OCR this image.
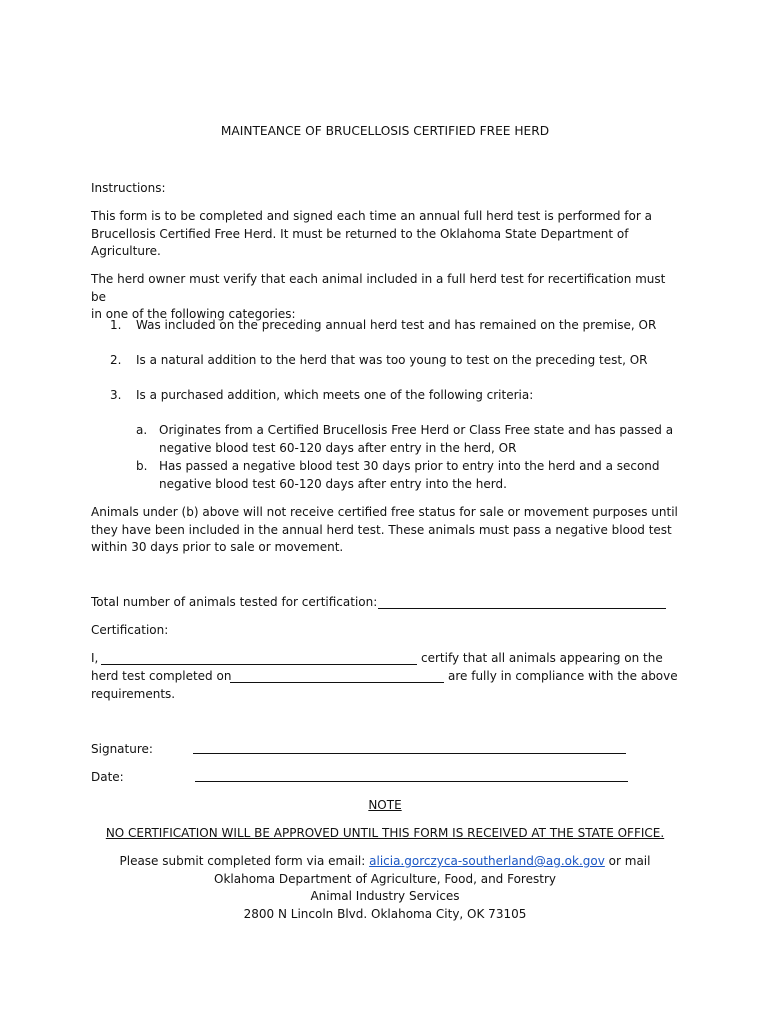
MAINTEANCE OF BRUCELLOSIS CERTIFIED FREE HERD
Instructions:
This form is to be completed and signed each time an annual full herd test is performed for a
Brucellosis Certified Free Herd. It must be returned to the Oklahoma State Department of
Agriculture.
The herd owner must verify that each animal included in a full herd test for recertification must be
in one of the following categories:
1. Was included on the preceding annual herd test and has remained on the premise, OR
2. Is a natural addition to the herd that was too young to test on the preceding test, OR
3. Is a purchased addition, which meets one of the following criteria:
a. Originates from a Certified Brucellosis Free Herd or Class Free state and has passed a
negative blood test 60-120 days after entry in the herd, OR
b. Has passed a negative blood test 30 days prior to entry into the herd and a second
negative blood test 60-120 days after entry into the herd.
Animals under (b) above will not receive certified free status for sale or movement purposes until
they have been included in the annual herd test. These animals must pass a negative blood test
within 30 days prior to sale or movement.
Total number of animals tested for certification:
Certification:
I,	certify that all animals appearing on the
herd test completed on	are fully in compliance with the above
requirements.
Signature:
Date:
NOTE
NO CERTIFICATION WILL BE APPROVED UNTIL THIS FORM IS RECEIVED AT THE STATE OFFICE.
Please submit completed form via email: alicia.gorczyca-southerland@ag.ok.gov or mail
Oklahoma Department of Agriculture, Food, and Forestry
Animal Industry Services
2800 N Lincoln Blvd. Oklahoma City, OK 73105
